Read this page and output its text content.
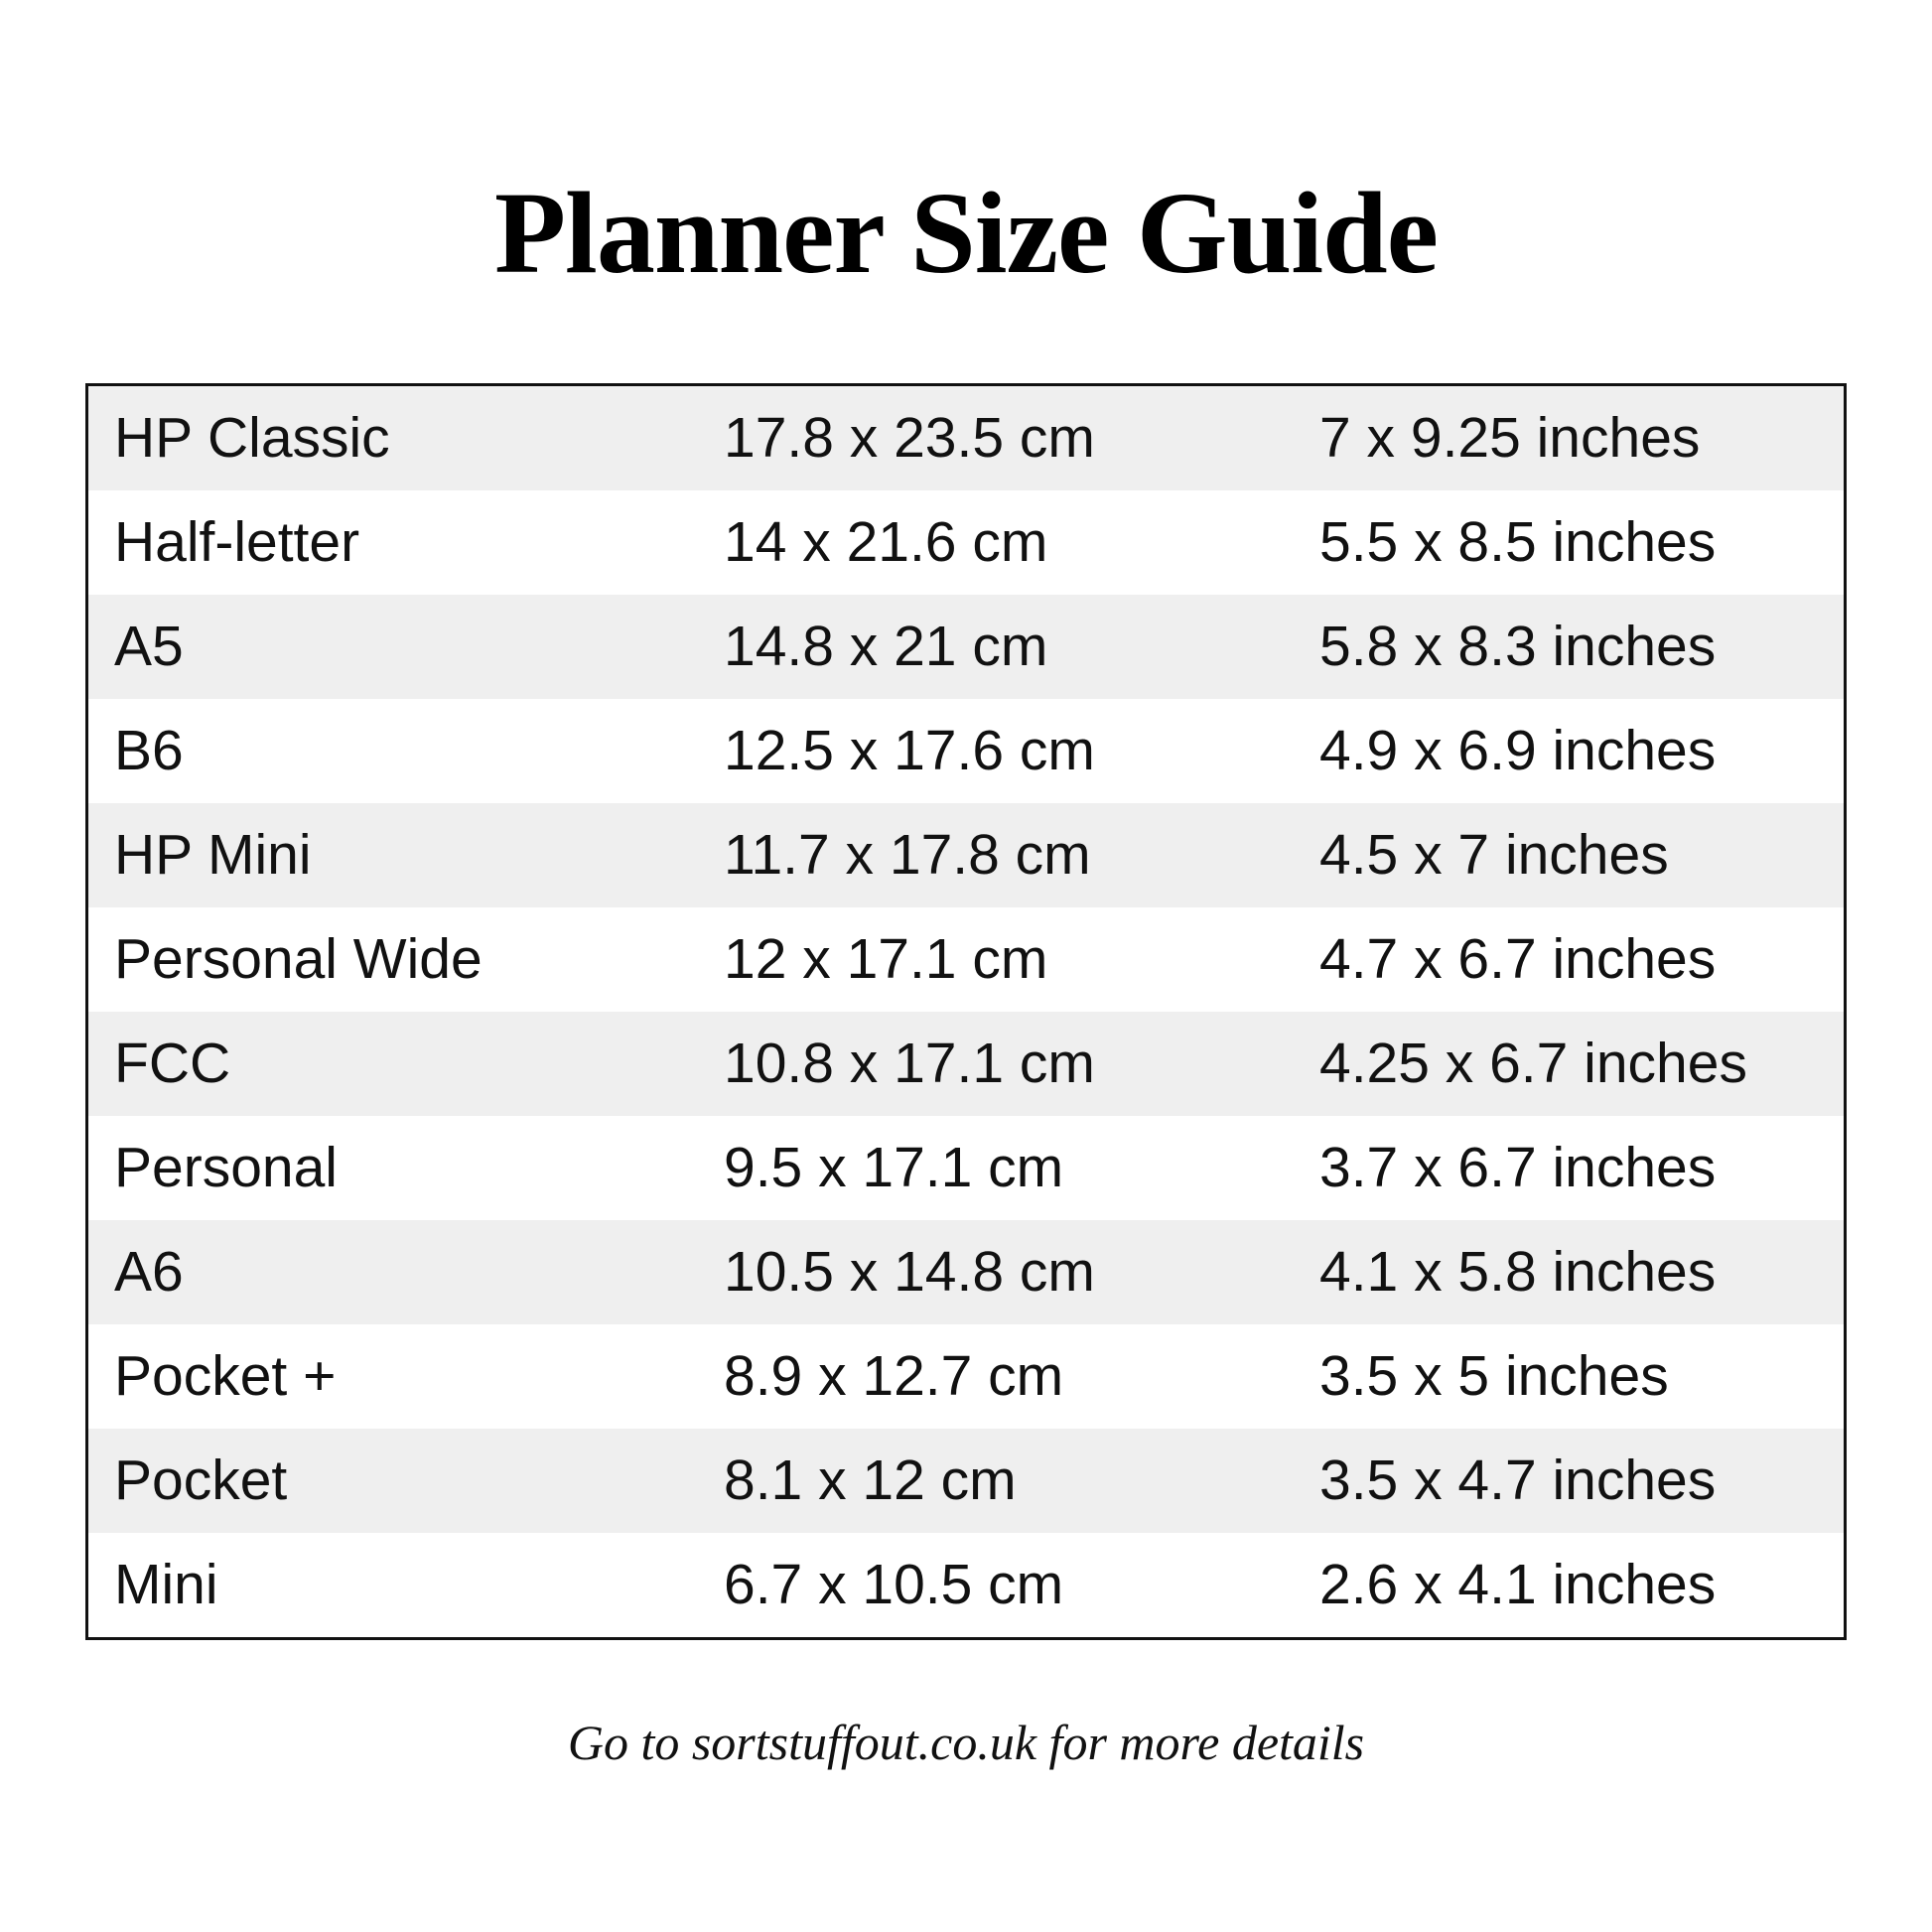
Planner Size Guide
HP Classic	17.8 x 23.5 cm	7 x 9.25 inches
Half-letter	14 x 21.6 cm	5.5 x 8.5 inches
A5	14.8 x 21 cm	5.8 x 8.3 inches
B6	12.5 x 17.6 cm	4.9 x 6.9 inches
HP Mini	11.7 x 17.8 cm	4.5 x 7 inches
Personal Wide	12 x 17.1 cm	4.7 x 6.7 inches
FCC	10.8 x 17.1 cm	4.25 x 6.7 inches
Personal	9.5 x 17.1 cm	3.7 x 6.7 inches
A6	10.5 x 14.8 cm	4.1 x 5.8 inches
Pocket +	8.9 x 12.7 cm	3.5 x 5 inches
Pocket	8.1 x 12 cm	3.5 x 4.7 inches
Mini	6.7 x 10.5 cm	2.6 x 4.1 inches
Go to sortstuffout.co.uk for more details
